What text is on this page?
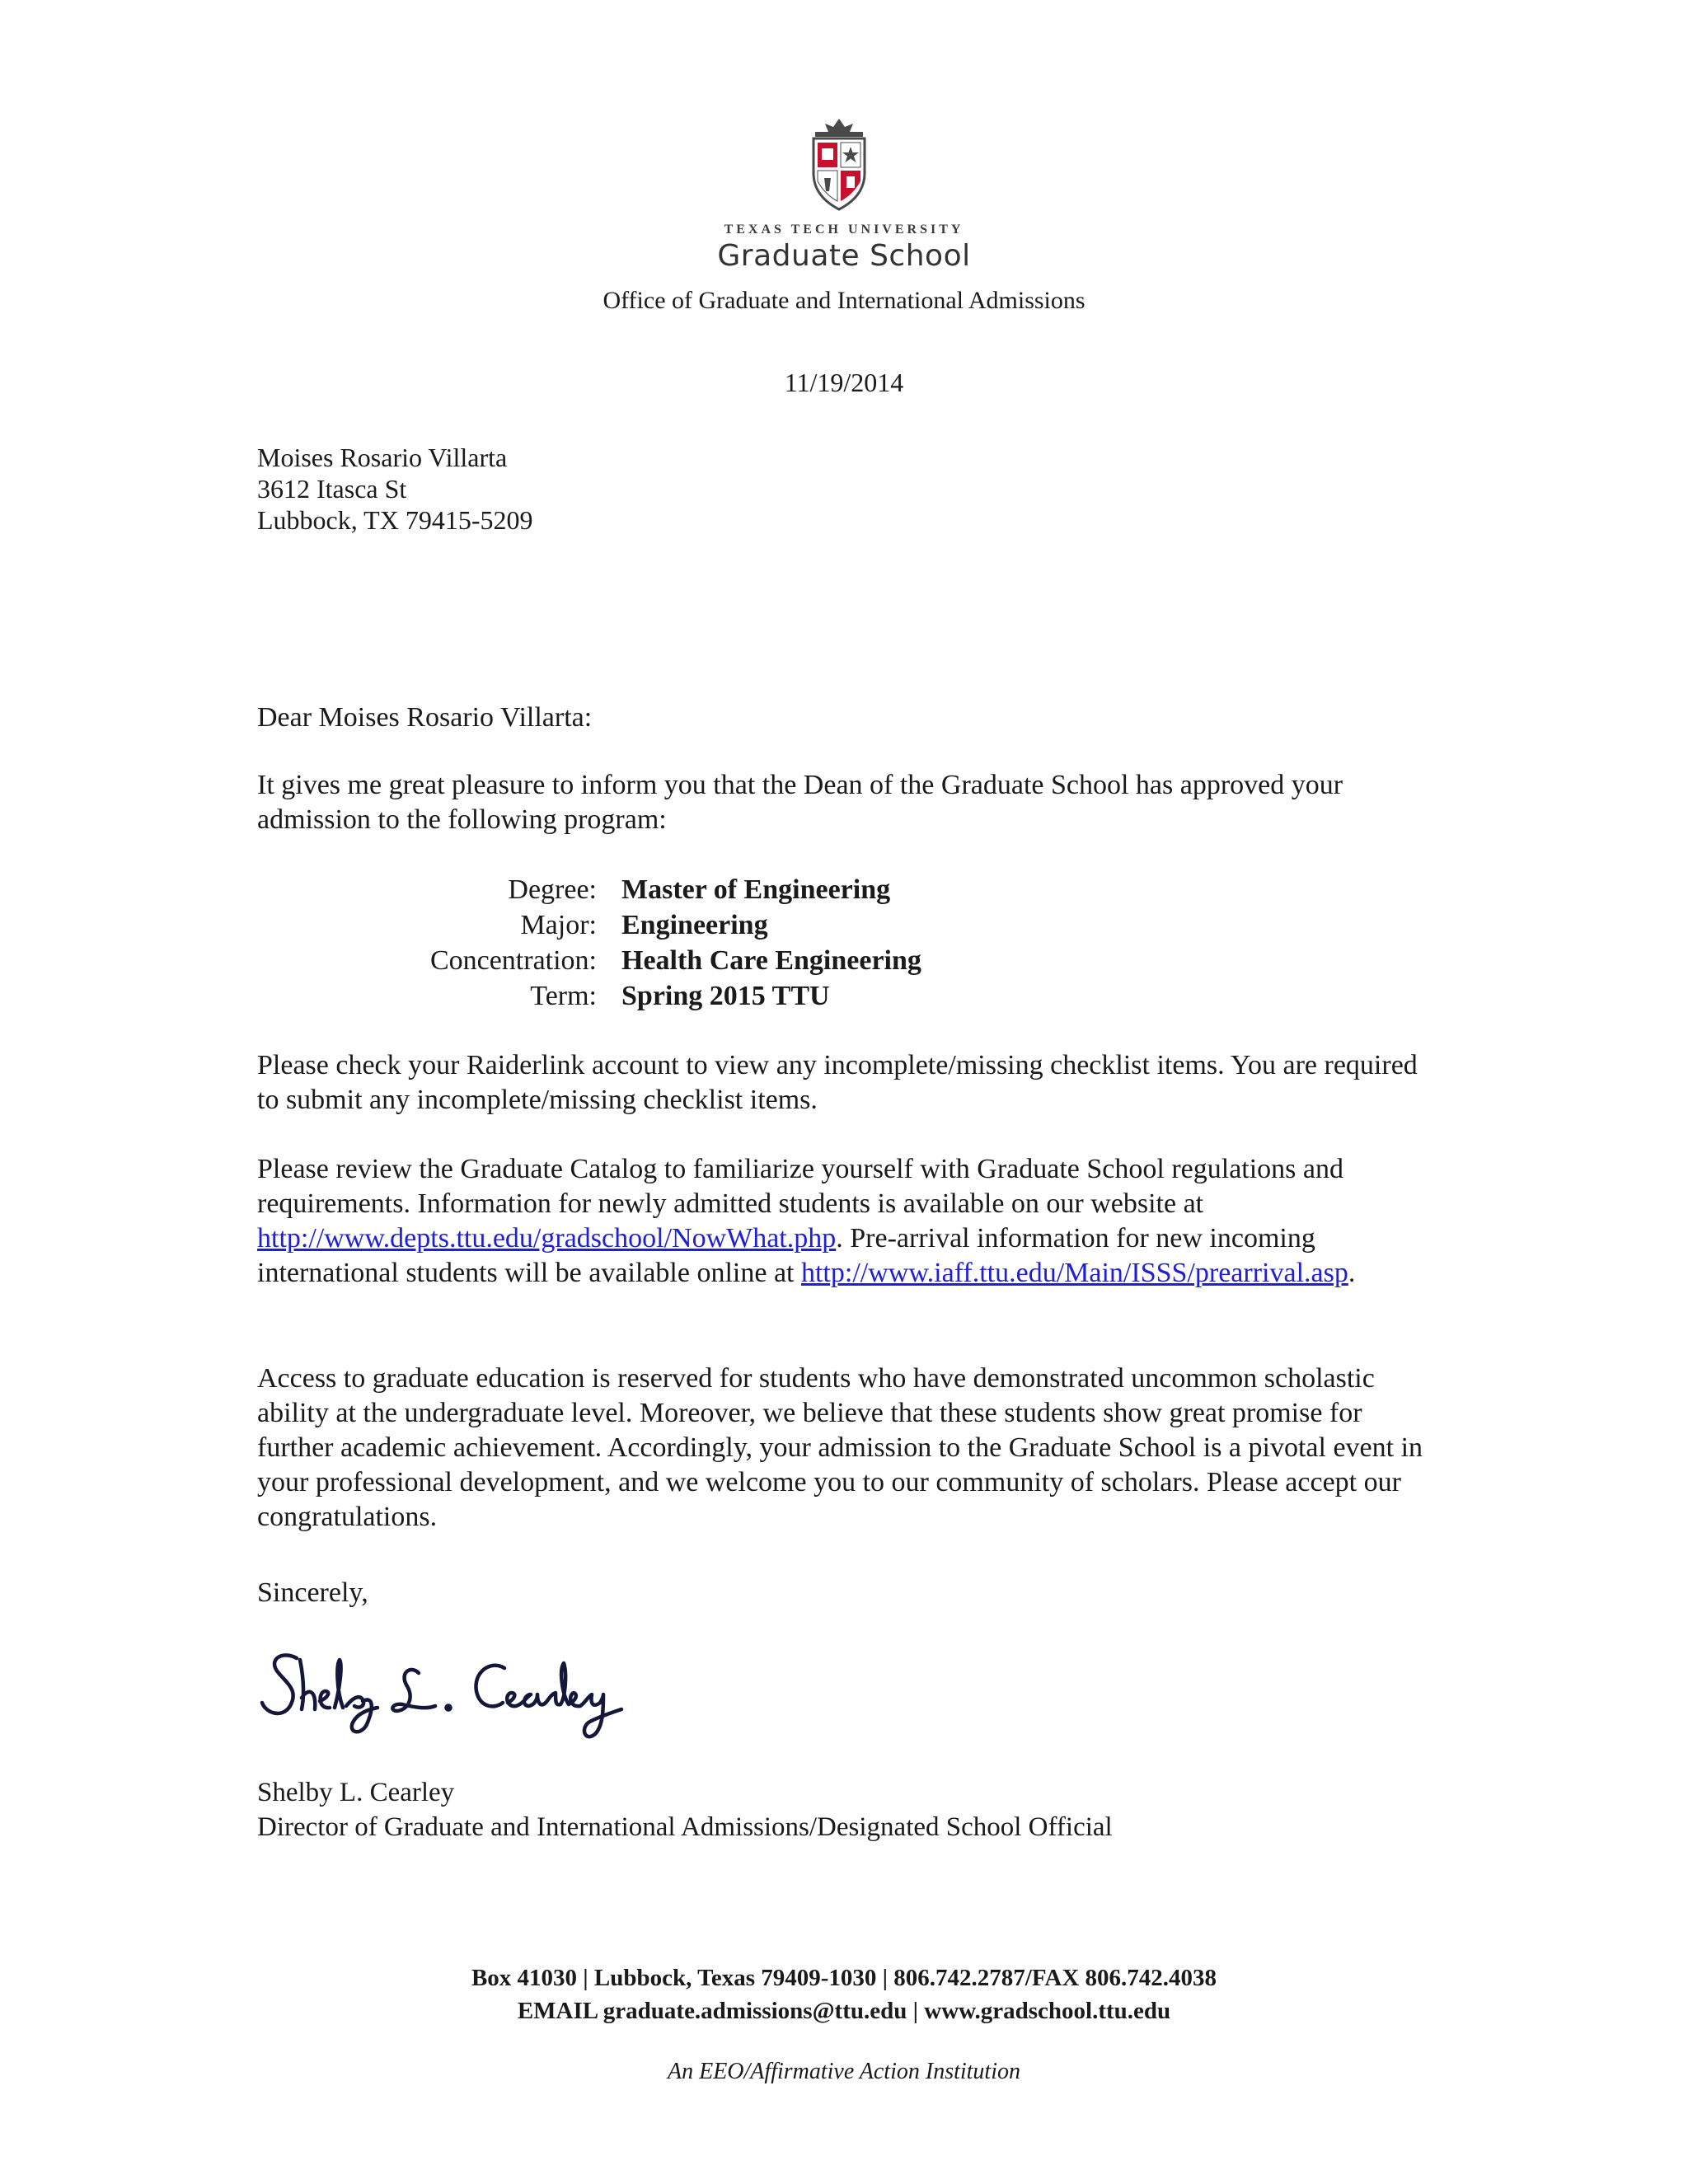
TEXAS TECH UNIVERSITY
Graduate School
Office of Graduate and International Admissions
11/19/2014
Moises Rosario Villarta
3612 Itasca St
Lubbock, TX 79415-5209
Dear Moises Rosario Villarta:
It gives me great pleasure to inform you that the Dean of the Graduate School has approved your admission to the following program:
Degree: Master of Engineering
Major: Engineering
Concentration: Health Care Engineering
Term: Spring 2015 TTU
Please check your Raiderlink account to view any incomplete/missing checklist items. You are required to submit any incomplete/missing checklist items.
Please review the Graduate Catalog to familiarize yourself with Graduate School regulations and requirements. Information for newly admitted students is available on our website at http://www.depts.ttu.edu/gradschool/NowWhat.php. Pre-arrival information for new incoming international students will be available online at http://www.iaff.ttu.edu/Main/ISSS/prearrival.asp.
Access to graduate education is reserved for students who have demonstrated uncommon scholastic ability at the undergraduate level. Moreover, we believe that these students show great promise for further academic achievement. Accordingly, your admission to the Graduate School is a pivotal event in your professional development, and we welcome you to our community of scholars. Please accept our congratulations.
Sincerely,
Shelby L. Cearley
Director of Graduate and International Admissions/Designated School Official
Box 41030 | Lubbock, Texas 79409-1030 | 806.742.2787/FAX 806.742.4038
EMAIL graduate.admissions@ttu.edu | www.gradschool.ttu.edu
An EEO/Affirmative Action Institution
